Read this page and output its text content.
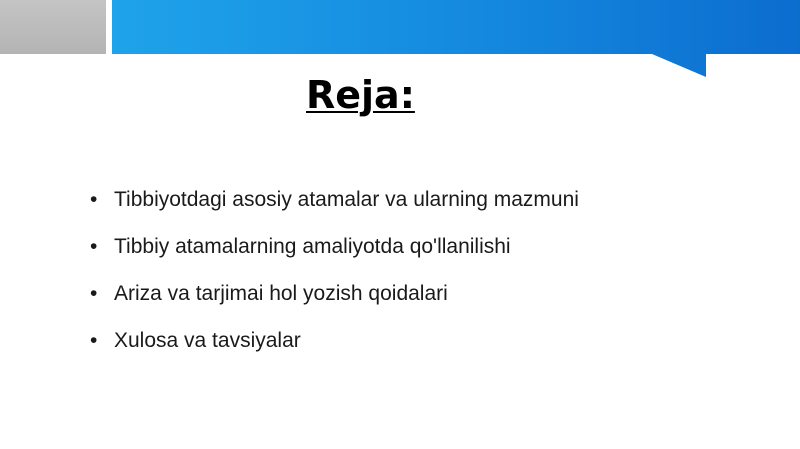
Reja:
• Tibbiyotdagi asosiy atamalar va ularning mazmuni
• Tibbiy atamalarning amaliyotda qo'llanilishi
• Ariza va tarjimai hol yozish qoidalari
• Xulosa va tavsiyalar
